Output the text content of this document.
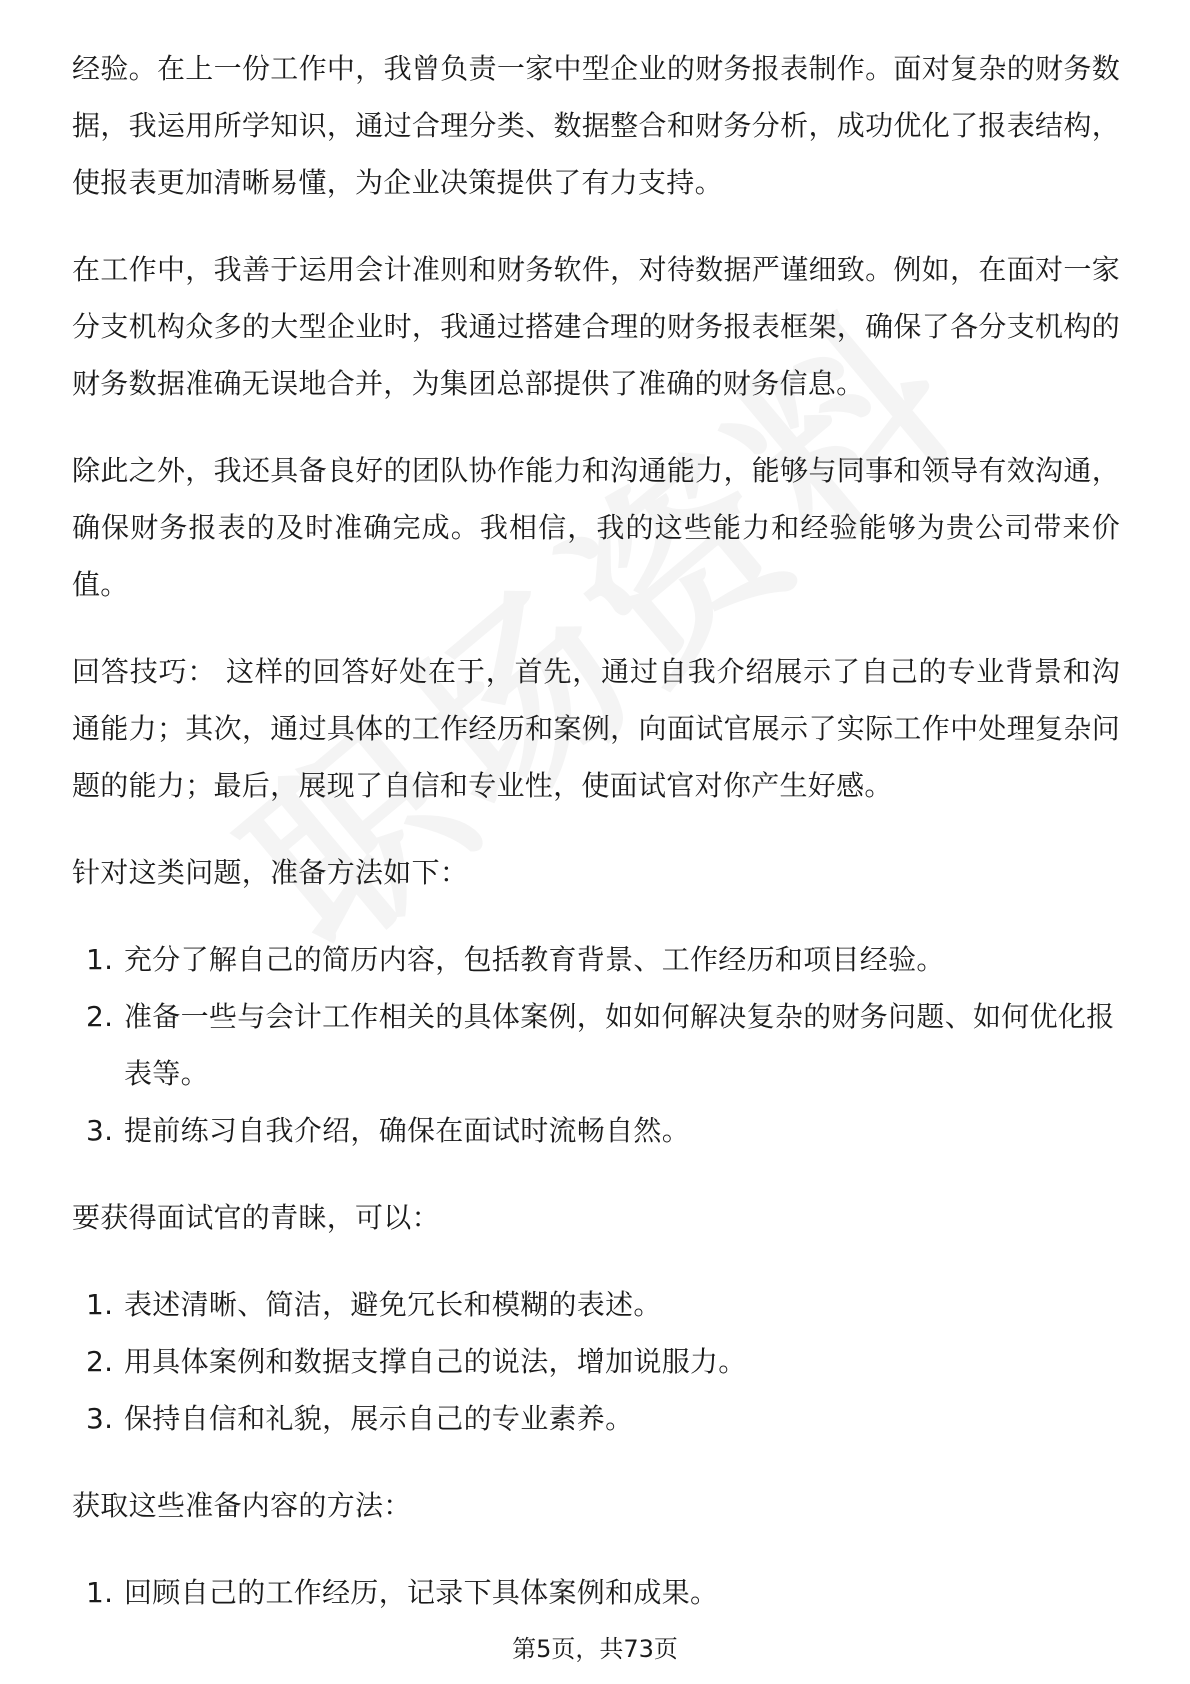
经验。在上一份工作中，我曾负责一家中型企业的财务报表制作。面对复杂的财务数据，我运用所学知识，通过合理分类、数据整合和财务分析，成功优化了报表结构，使报表更加清晰易懂，为企业决策提供了有力支持。

在工作中，我善于运用会计准则和财务软件，对待数据严谨细致。例如，在面对一家分支机构众多的大型企业时，我通过搭建合理的财务报表框架，确保了各分支机构的财务数据准确无误地合并，为集团总部提供了准确的财务信息。

除此之外，我还具备良好的团队协作能力和沟通能力，能够与同事和领导有效沟通，确保财务报表的及时准确完成。我相信，我的这些能力和经验能够为贵公司带来价值。

回答技巧： 这样的回答好处在于，首先，通过自我介绍展示了自己的专业背景和沟通能力；其次，通过具体的工作经历和案例，向面试官展示了实际工作中处理复杂问题的能力；最后，展现了自信和专业性，使面试官对你产生好感。

针对这类问题，准备方法如下：

1. 充分了解自己的简历内容，包括教育背景、工作经历和项目经验。
2. 准备一些与会计工作相关的具体案例，如如何解决复杂的财务问题、如何优化报表等。
3. 提前练习自我介绍，确保在面试时流畅自然。

要获得面试官的青睐，可以：

1. 表述清晰、简洁，避免冗长和模糊的表述。
2. 用具体案例和数据支撑自己的说法，增加说服力。
3. 保持自信和礼貌，展示自己的专业素养。

获取这些准备内容的方法：

1. 回顾自己的工作经历，记录下具体案例和成果。
第5页，共73页
